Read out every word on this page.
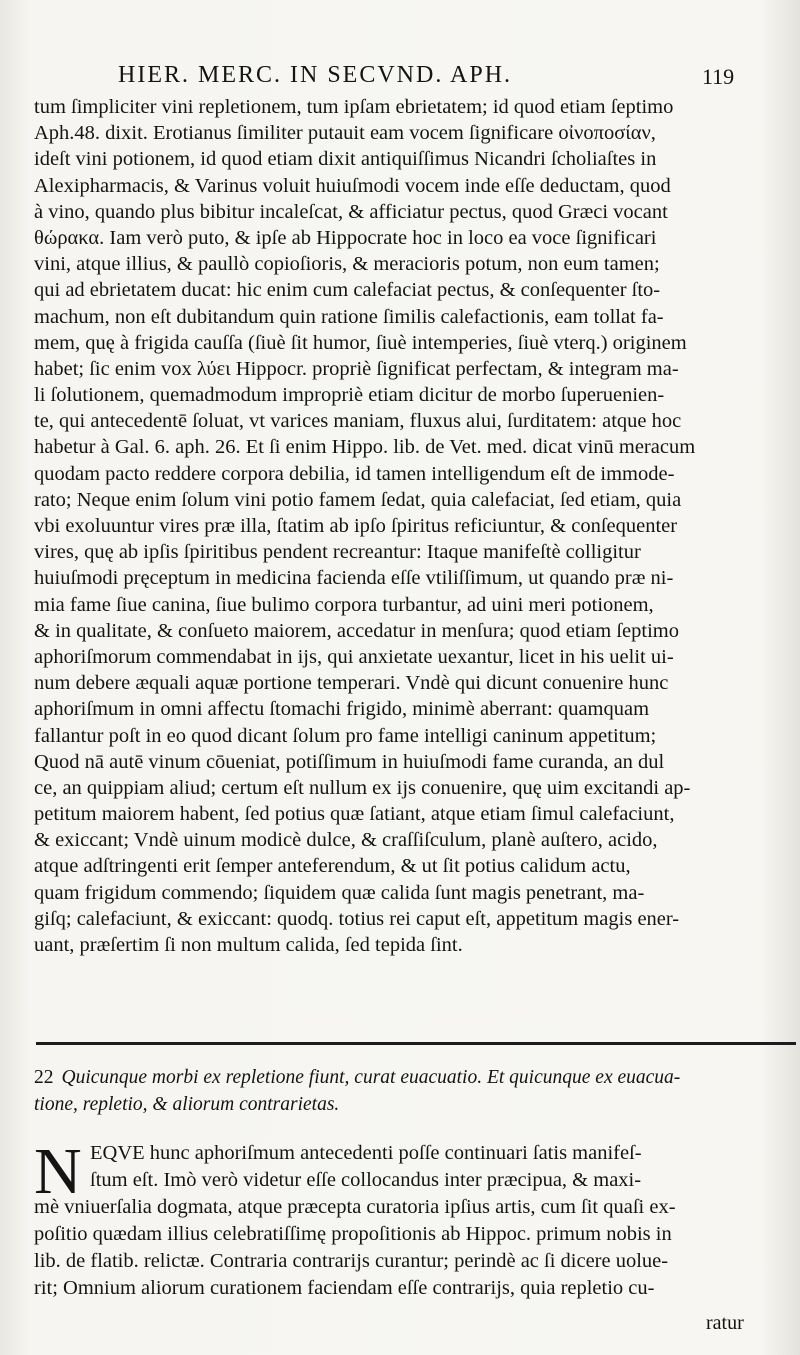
HIER. MERC. IN SECVND. APH.	119
tum ſimpliciter vini repletionem, tum ipſam ebrietatem; id quod etiam ſeptimo
Aph.48. dixit. Erotianus ſimiliter putauit eam vocem ſignificare οἰνοποσίαν,
ideſt vini potionem, id quod etiam dixit antiquiſſimus Nicandri ſcholiaſtes in
Alexipharmacis, & Varinus voluit huiuſmodi vocem inde eſſe deductam, quod
à vino, quando plus bibitur incaleſcat, & afficiatur pectus, quod Græci vocant
θώρακα. Iam verò puto, & ipſe ab Hippocrate hoc in loco ea voce ſignificari
vini, atque illius, & paullò copioſioris, & meracioris potum, non eum tamen;
qui ad ebrietatem ducat: hic enim cum calefaciat pectus, & conſequenter ſto-
machum, non eſt dubitandum quin ratione ſimilis calefactionis, eam tollat fa-
mem, quę à frigida cauſſa (ſiuè ſit humor, ſiuè intemperies, ſiuè vterq.) originem
habet; ſic enim vox λύει Hippocr. propriè ſignificat perfectam, & integram ma-
li ſolutionem, quemadmodum impropriè etiam dicitur de morbo ſuperuenien-
te, qui antecedentē ſoluat, vt varices maniam, fluxus alui, ſurditatem: atque hoc
habetur à Gal. 6. aph. 26. Et ſi enim Hippo. lib. de Vet. med. dicat vinū meracum
quodam pacto reddere corpora debilia, id tamen intelligendum eſt de immode-
rato; Neque enim ſolum vini potio famem ſedat, quia calefaciat, ſed etiam, quia
vbi exoluuntur vires præ illa, ſtatim ab ipſo ſpiritus reficiuntur, & conſequenter
vires, quę ab ipſis ſpiritibus pendent recreantur: Itaque manifeſtè colligitur
huiuſmodi pręceptum in medicina facienda eſſe vtiliſſimum, ut quando præ ni-
mia fame ſiue canina, ſiue bulimo corpora turbantur, ad uini meri potionem,
& in qualitate, & conſueto maiorem, accedatur in menſura; quod etiam ſeptimo
aphoriſmorum commendabat in ijs, qui anxietate uexantur, licet in his uelit ui-
num debere æquali aquæ portione temperari. Vndè qui dicunt conuenire hunc
aphoriſmum in omni affectu ſtomachi frigido, minimè aberrant: quamquam
fallantur poſt in eo quod dicant ſolum pro fame intelligi caninum appetitum;
Quod nā autē vinum cōueniat, potiſſimum in huiuſmodi fame curanda, an dul
ce, an quippiam aliud; certum eſt nullum ex ijs conuenire, quę uim excitandi ap-
petitum maiorem habent, ſed potius quæ ſatiant, atque etiam ſimul calefaciunt,
& exiccant; Vndè uinum modicè dulce, & craſſiſculum, planè auſtero, acido,
atque adſtringenti erit ſemper anteferendum, & ut ſit potius calidum actu,
quam frigidum commendo; ſiquidem quæ calida ſunt magis penetrant, ma-
giſq; calefaciunt, & exiccant: quodq. totius rei caput eſt, appetitum magis ener-
uant, præſertim ſi non multum calida, ſed tepida ſint.
22 Quicunque morbi ex repletione fiunt, curat euacuatio. Et quicunque ex euacua-
tione, repletio, & aliorum contrarietas.
N EQVE hunc aphoriſmum antecedenti poſſe continuari ſatis manifeſ-
ſtum eſt. Imò verò videtur eſſe collocandus inter præcipua, & maxi-
mè vniuerſalia dogmata, atque præcepta curatoria ipſius artis, cum ſit quaſi ex-
poſitio quædam illius celebratiſſimę propoſitionis ab Hippoc. primum nobis in
lib. de flatib. relictæ. Contraria contrarijs curantur; perindè ac ſi dicere uolue-
rit; Omnium aliorum curationem faciendam eſſe contrarijs, quia repletio cu-
ratur
